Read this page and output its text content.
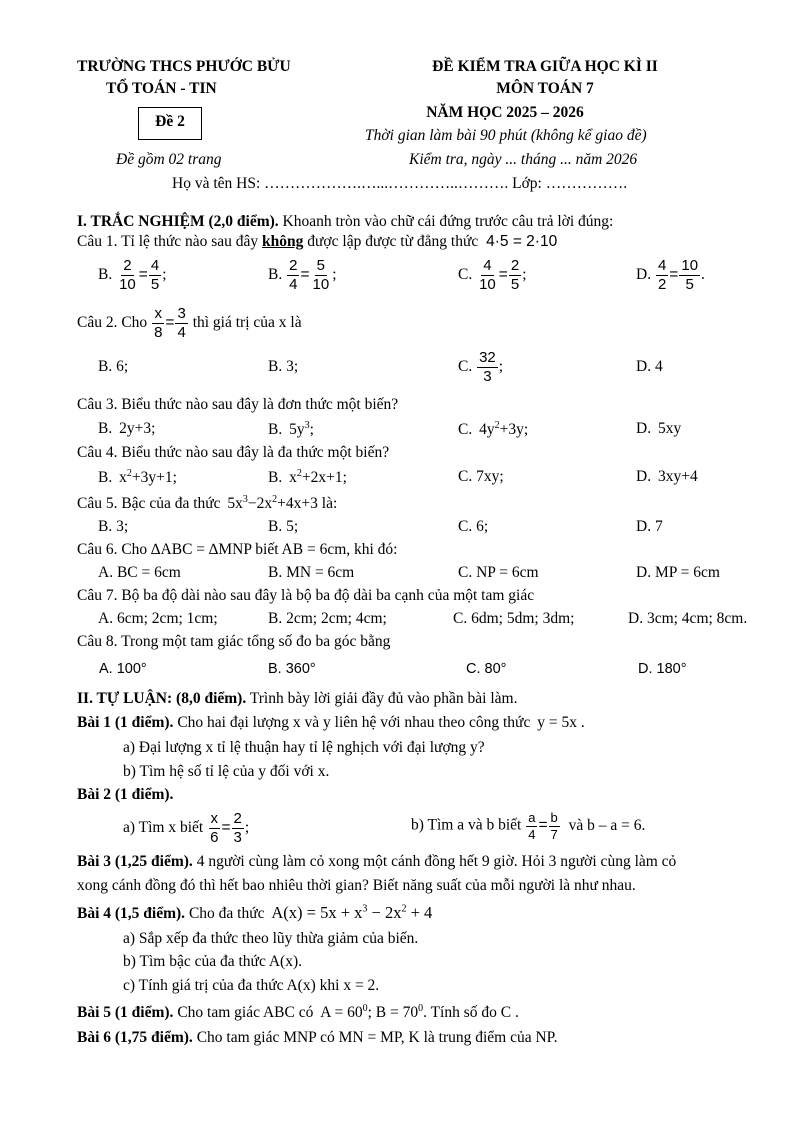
TRƯỜNG THCS PHƯỚC BỬU
TỔ TOÁN - TIN
Đề 2
Đề gồm 02 trang
ĐỀ KIỂM TRA GIỮA HỌC KÌ II
MÔN TOÁN 7
NĂM HỌC 2025 – 2026
Thời gian làm bài 90 phút (không kể giao đề)
Kiểm tra, ngày ... tháng ... năm 2026
Họ và tên HS: ……………….…...…………..………. Lớp: …………….
I. TRẮC NGHIỆM (2,0 điểm). Khoanh tròn vào chữ cái đứng trước câu trả lời đúng:
Câu 1. Tỉ lệ thức nào sau đây không được lập được từ đẳng thức 4·5 = 2·10
B. $\frac{2}{10} = \frac{4}{5}$ ;	B. $\frac{2}{4} = \frac{5}{10}$ ;	C. $\frac{4}{10} = \frac{2}{5}$ ;	D. $\frac{4}{2} = \frac{10}{5}$ .
Câu 2. Cho $\frac{x}{8} = \frac{3}{4}$ thì giá trị của x là
B. 6;	B. 3;	C. $\frac{32}{3}$ ;	D. 4
Câu 3. Biểu thức nào sau đây là đơn thức một biến?
B. 2y+3;	B. $5y^3$;	C. $4y^2+3y$;	D. 5xy
Câu 4. Biểu thức nào sau đây là đa thức một biến?
B. $x^2+3y+1$;	B. $x^2+2x+1$;	C. 7xy;	D. 3xy+4
Câu 5. Bậc của đa thức $5x^3-2x^2+4x+3$ là:
B. 3;	B. 5;	C. 6;	D. 7
Câu 6. Cho ∆ABC = ∆MNP biết AB = 6cm, khi đó:
A. BC = 6cm	B. MN = 6cm	C. NP = 6cm	D. MP = 6cm
Câu 7. Bộ ba độ dài nào sau đây là bộ ba độ dài ba cạnh của một tam giác
A. 6cm; 2cm; 1cm;	B. 2cm; 2cm; 4cm;	C. 6dm; 5dm; 3dm;	D. 3cm; 4cm; 8cm.
Câu 8. Trong một tam giác tổng số đo ba góc bằng
A. 100°	B. 360°	C. 80°	D. 180°
II. TỰ LUẬN: (8,0 điểm). Trình bày lời giải đầy đủ vào phần bài làm.
Bài 1 (1 điểm). Cho hai đại lượng x và y liên hệ với nhau theo công thức y = 5x .
a) Đại lượng x tỉ lệ thuận hay tỉ lệ nghịch với đại lượng y?
b) Tìm hệ số tỉ lệ của y đối với x.
Bài 2 (1 điểm).
a) Tìm x biết $\frac{x}{6} = \frac{2}{3}$ ;	b) Tìm a và b biết $\frac{a}{4} = \frac{b}{7}$ và b – a = 6.
Bài 3 (1,25 điểm). 4 người cùng làm cỏ xong một cánh đồng hết 9 giờ. Hỏi 3 người cùng làm cỏ
xong cánh đồng đó thì hết bao nhiêu thời gian? Biết năng suất của mỗi người là như nhau.
Bài 4 (1,5 điểm). Cho đa thức $A(x) = 5x + x^3 - 2x^2 + 4$
a) Sắp xếp đa thức theo lũy thừa giảm của biến.
b) Tìm bậc của đa thức A(x).
c) Tính giá trị của đa thức A(x) khi x = 2.
Bài 5 (1 điểm). Cho tam giác ABC có $A = 60^0$; $B = 70^0$. Tính số đo C .
Bài 6 (1,75 điểm). Cho tam giác MNP có MN = MP, K là trung điểm của NP.
